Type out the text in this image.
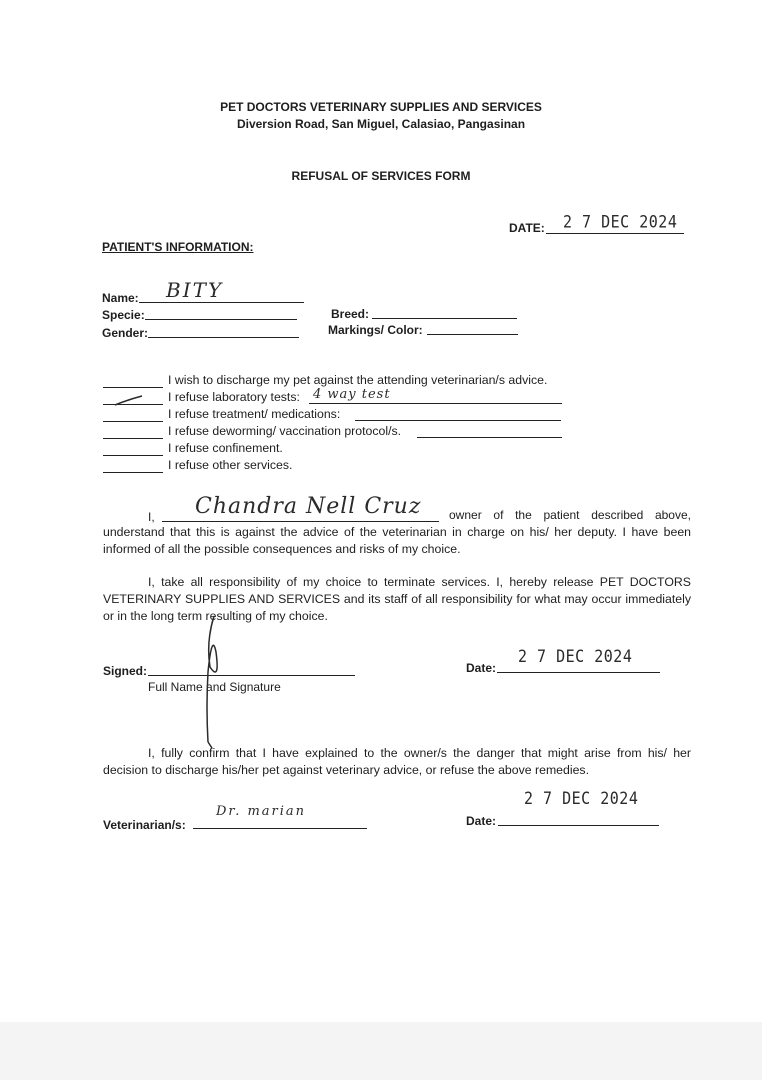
PET DOCTORS VETERINARY SUPPLIES AND SERVICES
Diversion Road, San Miguel, Calasiao, Pangasinan
REFUSAL OF SERVICES FORM
DATE: 2 7 DEC 2024
PATIENT'S INFORMATION:
Name: BITY
Specie:
Gender:
Breed:
Markings/ Color:
I wish to discharge my pet against the attending veterinarian/s advice.
I refuse laboratory tests: 4 way test
I refuse treatment/ medications:
I refuse deworming/ vaccination protocol/s.
I refuse confinement.
I refuse other services.
I, Chandra Nell Cruz owner of the patient described above,
understand that this is against the advice of the veterinarian in charge on his/ her deputy. I have been informed of all the possible consequences and risks of my choice.
I, take all responsibility of my choice to terminate services. I, hereby release PET DOCTORS VETERINARY SUPPLIES AND SERVICES and its staff of all responsibility for what may occur immediately or in the long term resulting of my choice.
Signed:
Full Name and Signature
Date:
2 7 DEC 2024
I, fully confirm that I have explained to the owner/s the danger that might arise from his/ her decision to discharge his/her pet against veterinary advice, or refuse the above remedies.
Veterinarian/s:
Dr. marian
Date:
2 7 DEC 2024
